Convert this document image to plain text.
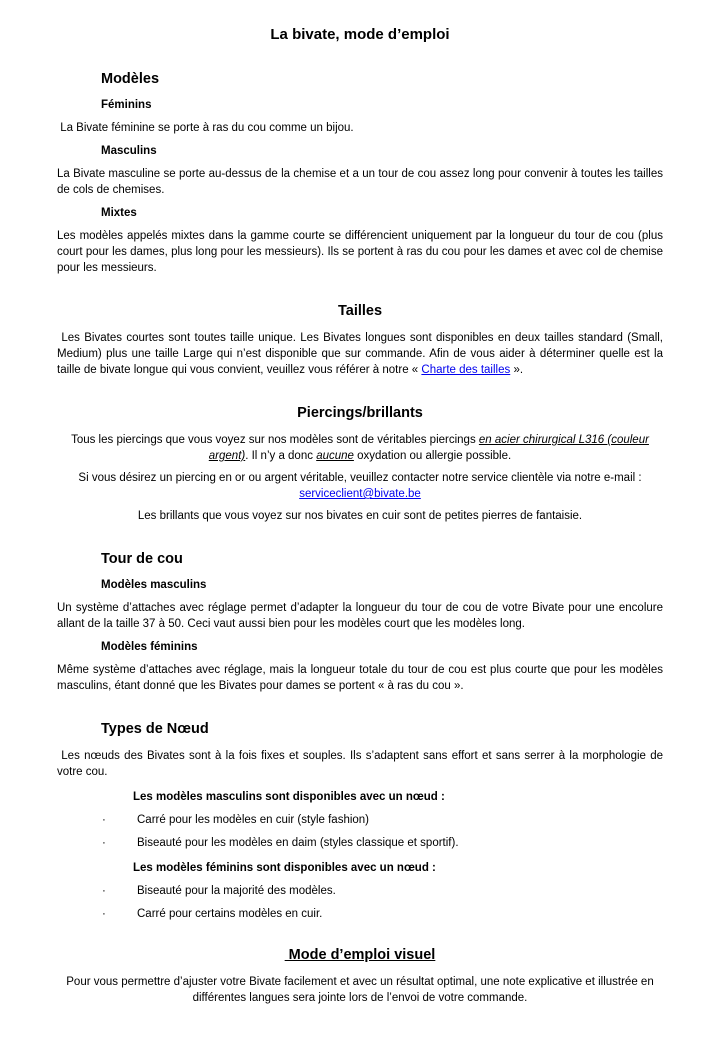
La bivate, mode d’emploi
Modèles
Féminins

La Bivate féminine se porte à ras du cou comme un bijou.

Masculins

La Bivate masculine se porte au-dessus de la chemise et a un tour de cou assez long pour convenir à toutes les tailles de cols de chemises.

Mixtes

Les modèles appelés mixtes dans la gamme courte se différencient uniquement par la longueur du tour de cou (plus court pour les dames, plus long pour les messieurs). Ils se portent à ras du cou pour les dames et avec col de chemise pour les messieurs.

Tailles

Les Bivates courtes sont toutes taille unique. Les Bivates longues sont disponibles en deux tailles standard (Small, Medium) plus une taille Large qui n’est disponible que sur commande. Afin de vous aider à déterminer quelle est la taille de bivate longue qui vous convient, veuillez vous référer à notre « Charte des tailles ».

Piercings/brillants

Tous les piercings que vous voyez sur nos modèles sont de véritables piercings en acier chirurgical L316 (couleur argent). Il n’y a donc aucune oxydation ou allergie possible.

Si vous désirez un piercing en or ou argent véritable, veuillez contacter notre service clientèle via notre e-mail : serviceclient@bivate.be

Les brillants que vous voyez sur nos bivates en cuir sont de petites pierres de fantaisie.

Tour de cou
Modèles masculins

Un système d’attaches avec réglage permet d’adapter la longueur du tour de cou de votre Bivate pour une encolure allant de la taille 37 à 50. Ceci vaut aussi bien pour les modèles court que les modèles long.

Modèles féminins

Même système d’attaches avec réglage, mais la longueur totale du tour de cou est plus courte que pour les modèles masculins, étant donné que les Bivates pour dames se portent « à ras du cou ».

Types de Nœud

Les nœuds des Bivates sont à la fois fixes et souples. Ils s’adaptent sans effort et sans serrer à la morphologie de votre cou.

Les modèles masculins sont disponibles avec un nœud :

·	Carré pour les modèles en cuir (style fashion)
·	Biseauté pour les modèles en daim (styles classique et sportif).

Les modèles féminins sont disponibles avec un nœud :

·	Biseauté pour la majorité des modèles.
·	Carré pour certains modèles en cuir.
Mode d’emploi visuel

Pour vous permettre d’ajuster votre Bivate facilement et avec un résultat optimal, une note explicative et illustrée en différentes langues sera jointe lors de l’envoi de votre commande.
